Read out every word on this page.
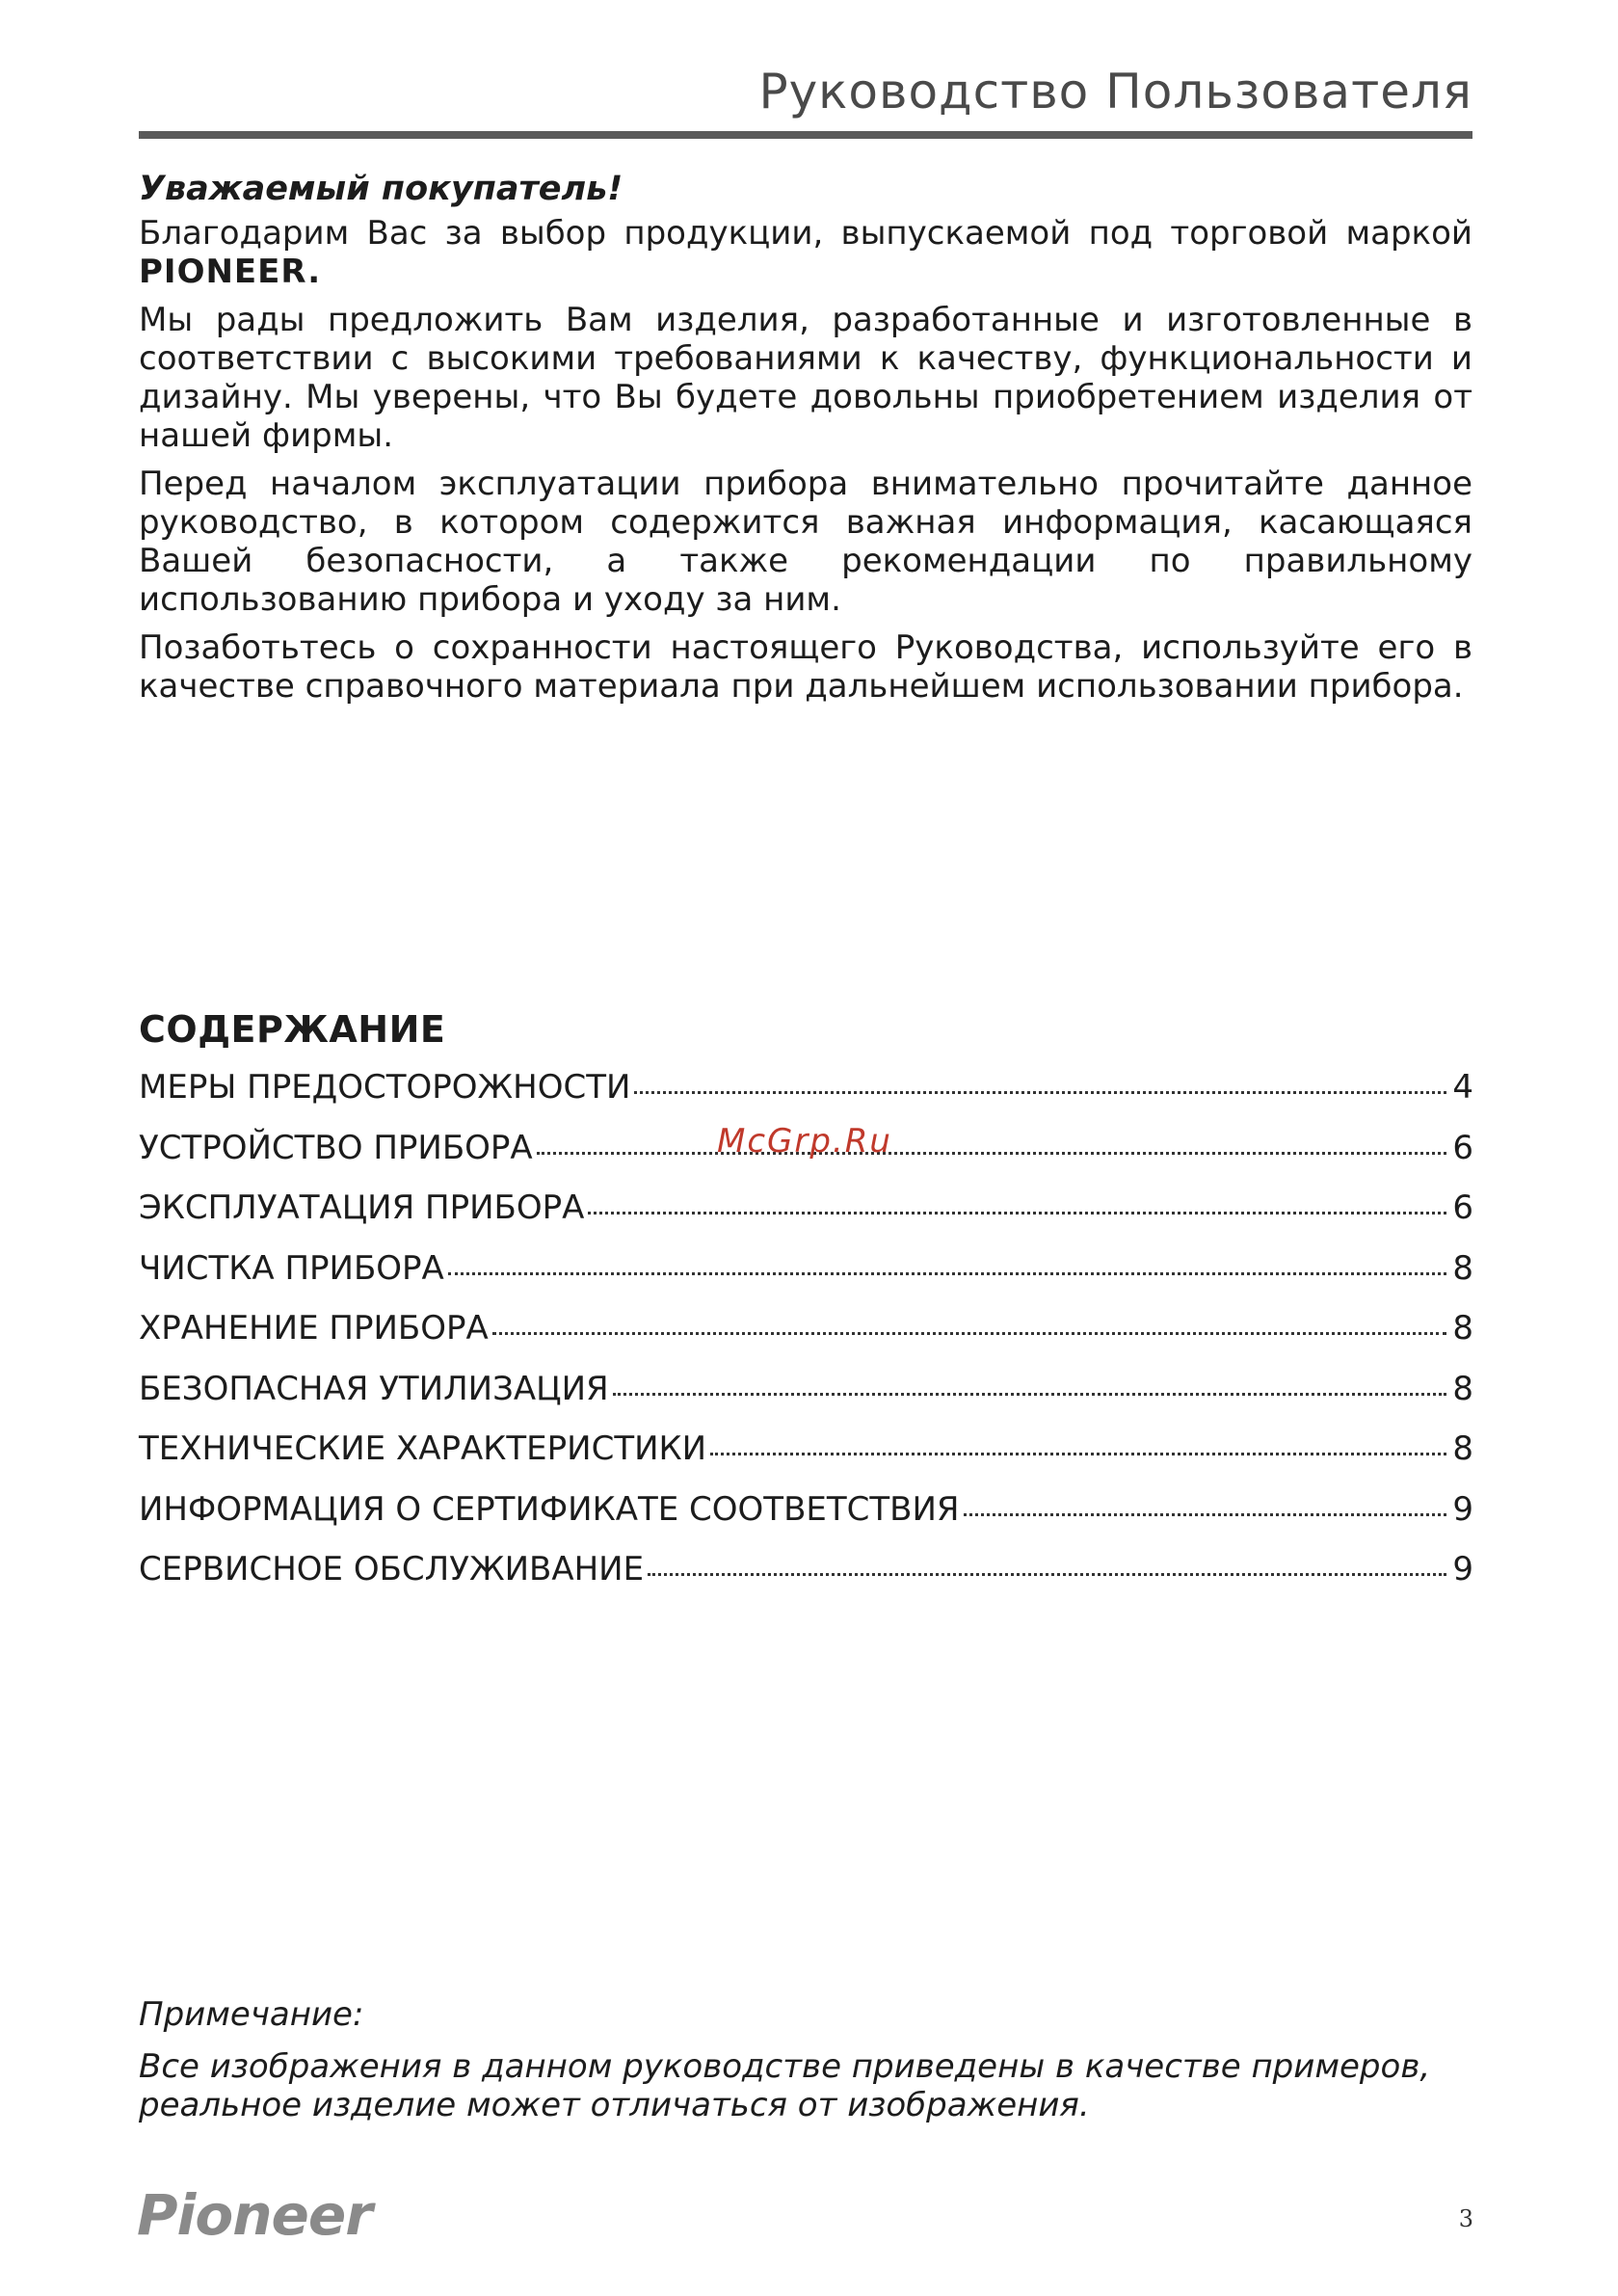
Руководство Пользователя

Уважаемый покупатель!

Благодарим Вас за выбор продукции, выпускаемой под торговой маркой PIONEER.

Мы рады предложить Вам изделия, разработанные и изготовленные в соответствии с высокими требованиями к качеству, функциональности и дизайну. Мы уверены, что Вы будете довольны приобретением изделия от нашей фирмы.

Перед началом эксплуатации прибора внимательно прочитайте данное руководство, в котором содержится важная информация, касающаяся Вашей безопасности, а также рекомендации по правильному использованию прибора и уходу за ним.

Позаботьтесь о сохранности настоящего Руководства, используйте его в качестве справочного материала при дальнейшем использовании прибора.

СОДЕРЖАНИЕ
МЕРЫ ПРЕДОСТОРОЖНОСТИ	4
УСТРОЙСТВО ПРИБОРА	6
ЭКСПЛУАТАЦИЯ ПРИБОРА	6
ЧИСТКА ПРИБОРА	8
ХРАНЕНИЕ ПРИБОРА	8
БЕЗОПАСНАЯ УТИЛИЗАЦИЯ	8
ТЕХНИЧЕСКИЕ ХАРАКТЕРИСТИКИ	8
ИНФОРМАЦИЯ О СЕРТИФИКАТЕ СООТВЕТСТВИЯ	9
СЕРВИСНОЕ ОБСЛУЖИВАНИЕ	9
McGrp.Ru

Примечание:

Все изображения в данном руководстве приведены в качестве примеров, реальное изделие может отличаться от изображения.

Pioneer	3
